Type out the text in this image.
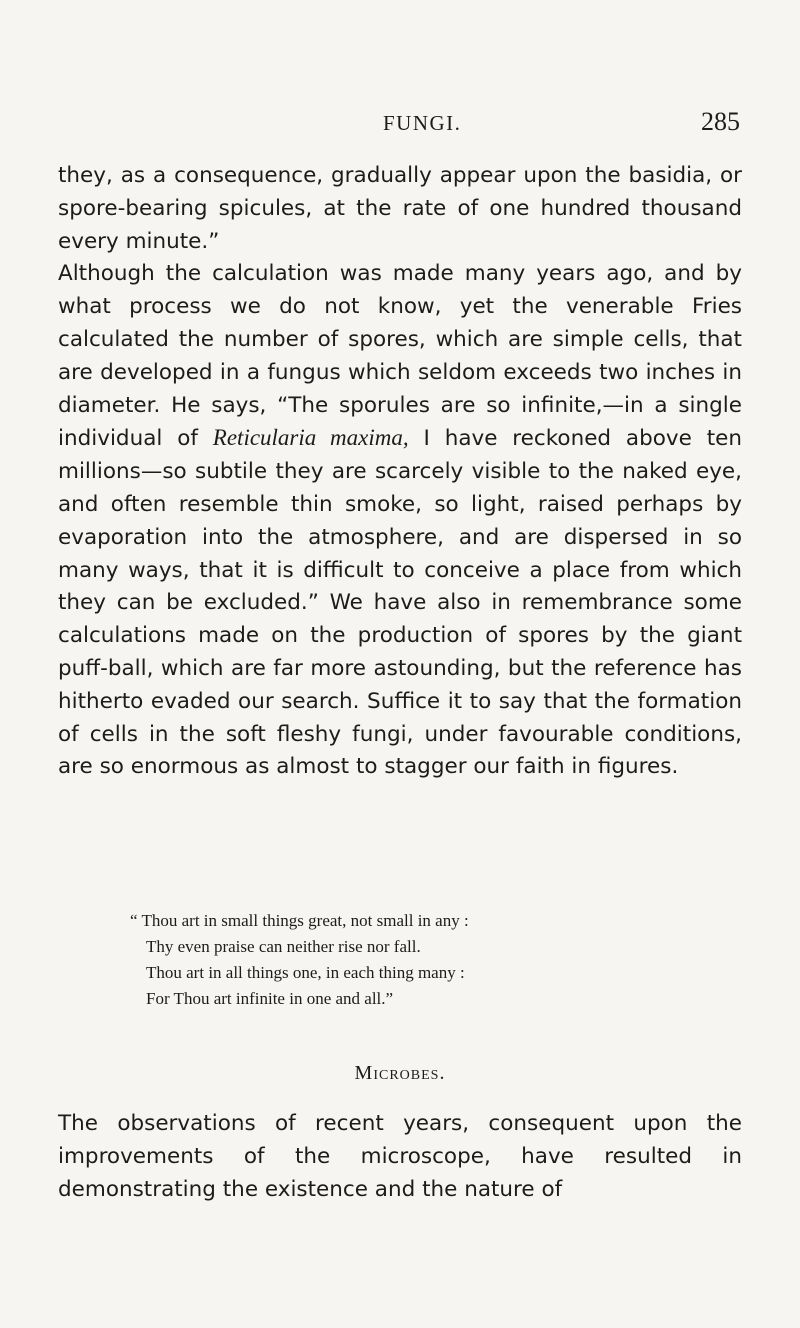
FUNGI.	285

they, as a consequence, gradually appear upon the basidia, or spore-bearing spicules, at the rate of one hundred thousand every minute.”

Although the calculation was made many years ago, and by what process we do not know, yet the venerable Fries calculated the number of spores, which are simple cells, that are developed in a fungus which seldom exceeds two inches in diameter. He says, “The sporules are so infinite,—in a single individual of Reticularia maxima, I have reckoned above ten millions—so subtile they are scarcely visible to the naked eye, and often resemble thin smoke, so light, raised perhaps by evaporation into the atmosphere, and are dispersed in so many ways, that it is difficult to conceive a place from which they can be excluded.” We have also in remembrance some calculations made on the production of spores by the giant puff-ball, which are far more astounding, but the reference has hitherto evaded our search. Suffice it to say that the formation of cells in the soft fleshy fungi, under favourable conditions, are so enormous as almost to stagger our faith in figures.

“ Thou art in small things great, not small in any :
Thy even praise can neither rise nor fall.
Thou art in all things one, in each thing many :
For Thou art infinite in one and all.”
Microbes.
The observations of recent years, consequent upon the improvements of the microscope, have resulted in demonstrating the existence and the nature of
